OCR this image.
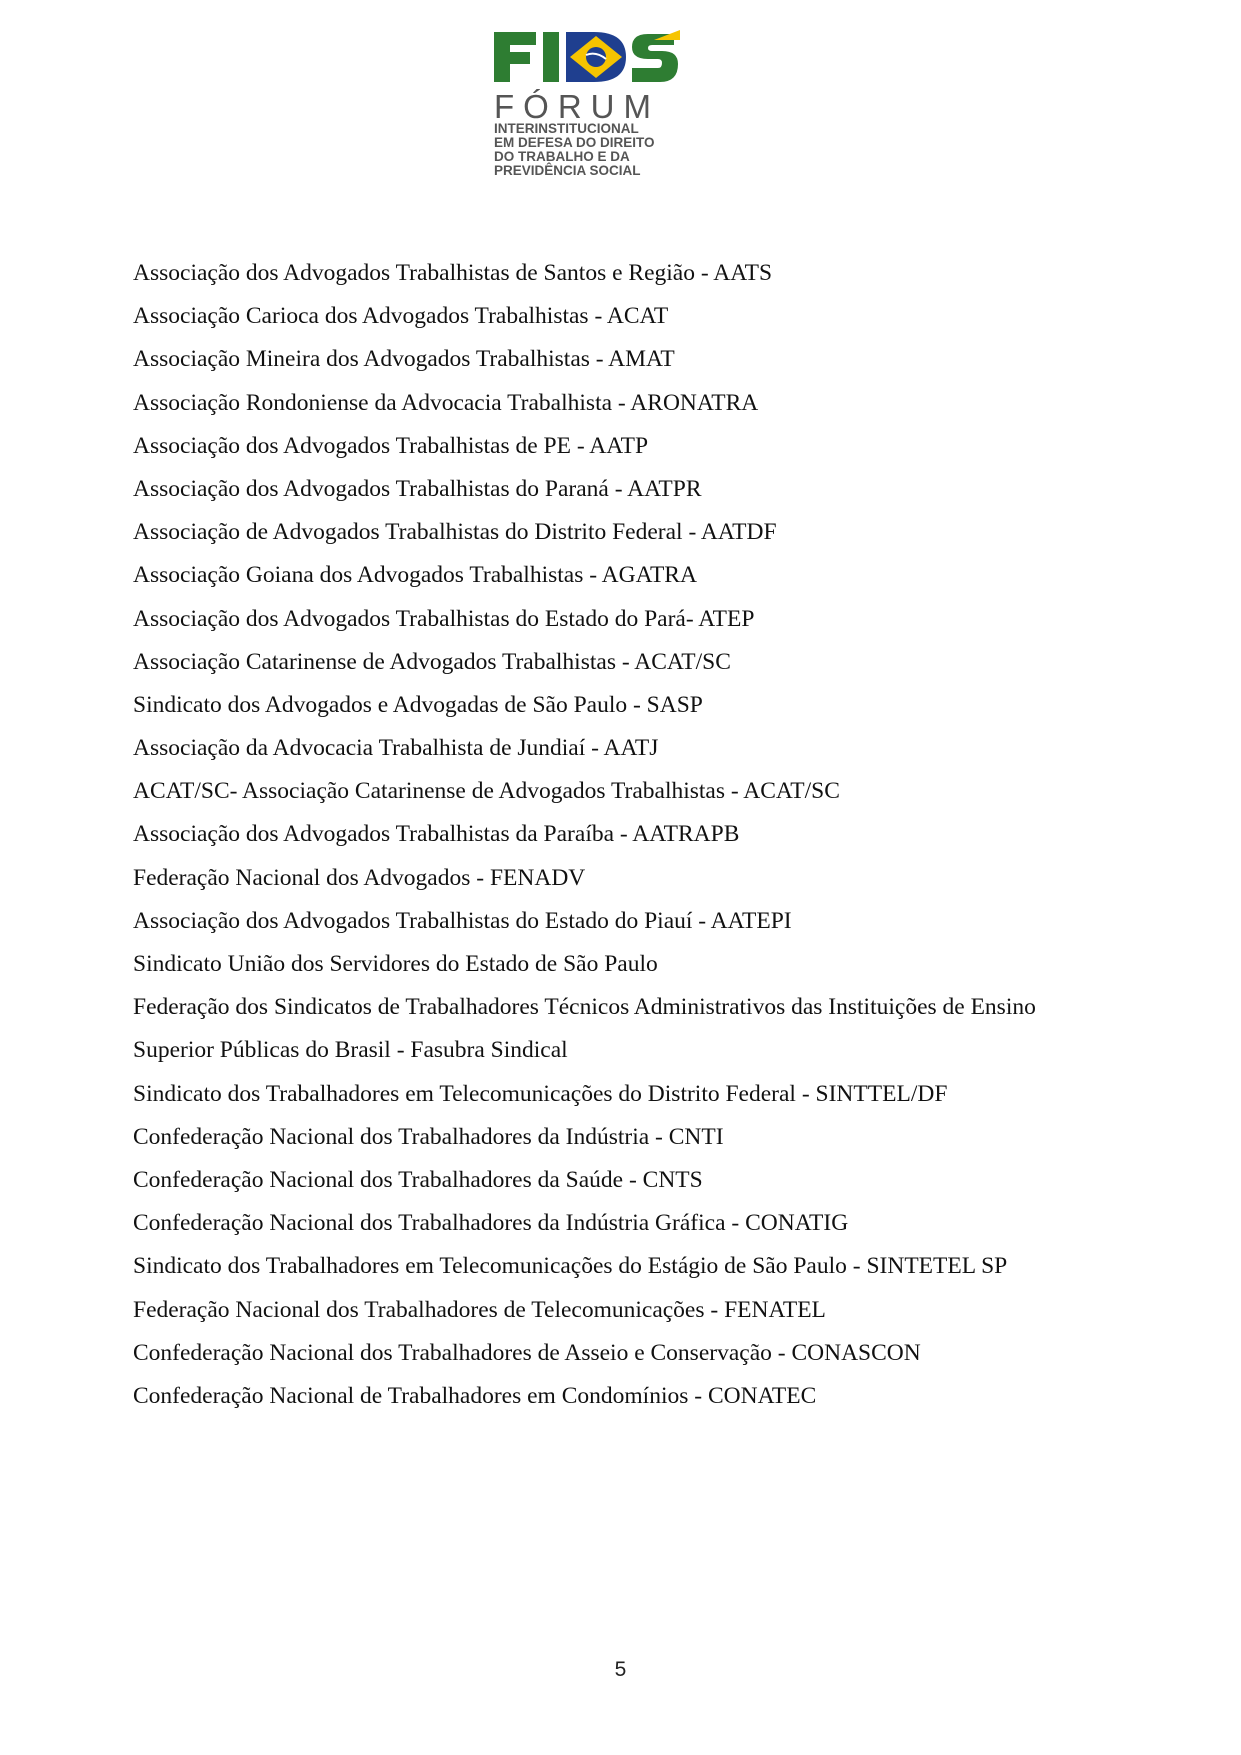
FÓRUM
INTERINSTITUCIONAL
EM DEFESA DO DIREITO
DO TRABALHO E DA
PREVIDÊNCIA SOCIAL
Associação dos Advogados Trabalhistas de Santos e Região - AATS
Associação Carioca dos Advogados Trabalhistas - ACAT
Associação Mineira dos Advogados Trabalhistas - AMAT
Associação Rondoniense da Advocacia Trabalhista - ARONATRA
Associação dos Advogados Trabalhistas de PE - AATP
Associação dos Advogados Trabalhistas do Paraná - AATPR
Associação de Advogados Trabalhistas do Distrito Federal - AATDF
Associação Goiana dos Advogados Trabalhistas - AGATRA
Associação dos Advogados Trabalhistas do Estado do Pará- ATEP
Associação Catarinense de Advogados Trabalhistas - ACAT/SC
Sindicato dos Advogados e Advogadas de São Paulo - SASP
Associação da Advocacia Trabalhista de Jundiaí - AATJ
ACAT/SC- Associação Catarinense de Advogados Trabalhistas - ACAT/SC
Associação dos Advogados Trabalhistas da Paraíba - AATRAPB
Federação Nacional dos Advogados - FENADV
Associação dos Advogados Trabalhistas do Estado do Piauí - AATEPI
Sindicato União dos Servidores do Estado de São Paulo
Federação dos Sindicatos de Trabalhadores Técnicos Administrativos das Instituições de Ensino
Superior Públicas do Brasil - Fasubra Sindical
Sindicato dos Trabalhadores em Telecomunicações do Distrito Federal - SINTTEL/DF
Confederação Nacional dos Trabalhadores da Indústria - CNTI
Confederação Nacional dos Trabalhadores da Saúde - CNTS
Confederação Nacional dos Trabalhadores da Indústria Gráfica - CONATIG
Sindicato dos Trabalhadores em Telecomunicações do Estágio de São Paulo - SINTETEL SP
Federação Nacional dos Trabalhadores de Telecomunicações - FENATEL
Confederação Nacional dos Trabalhadores de Asseio e Conservação - CONASCON
Confederação Nacional de Trabalhadores em Condomínios - CONATEC
5
